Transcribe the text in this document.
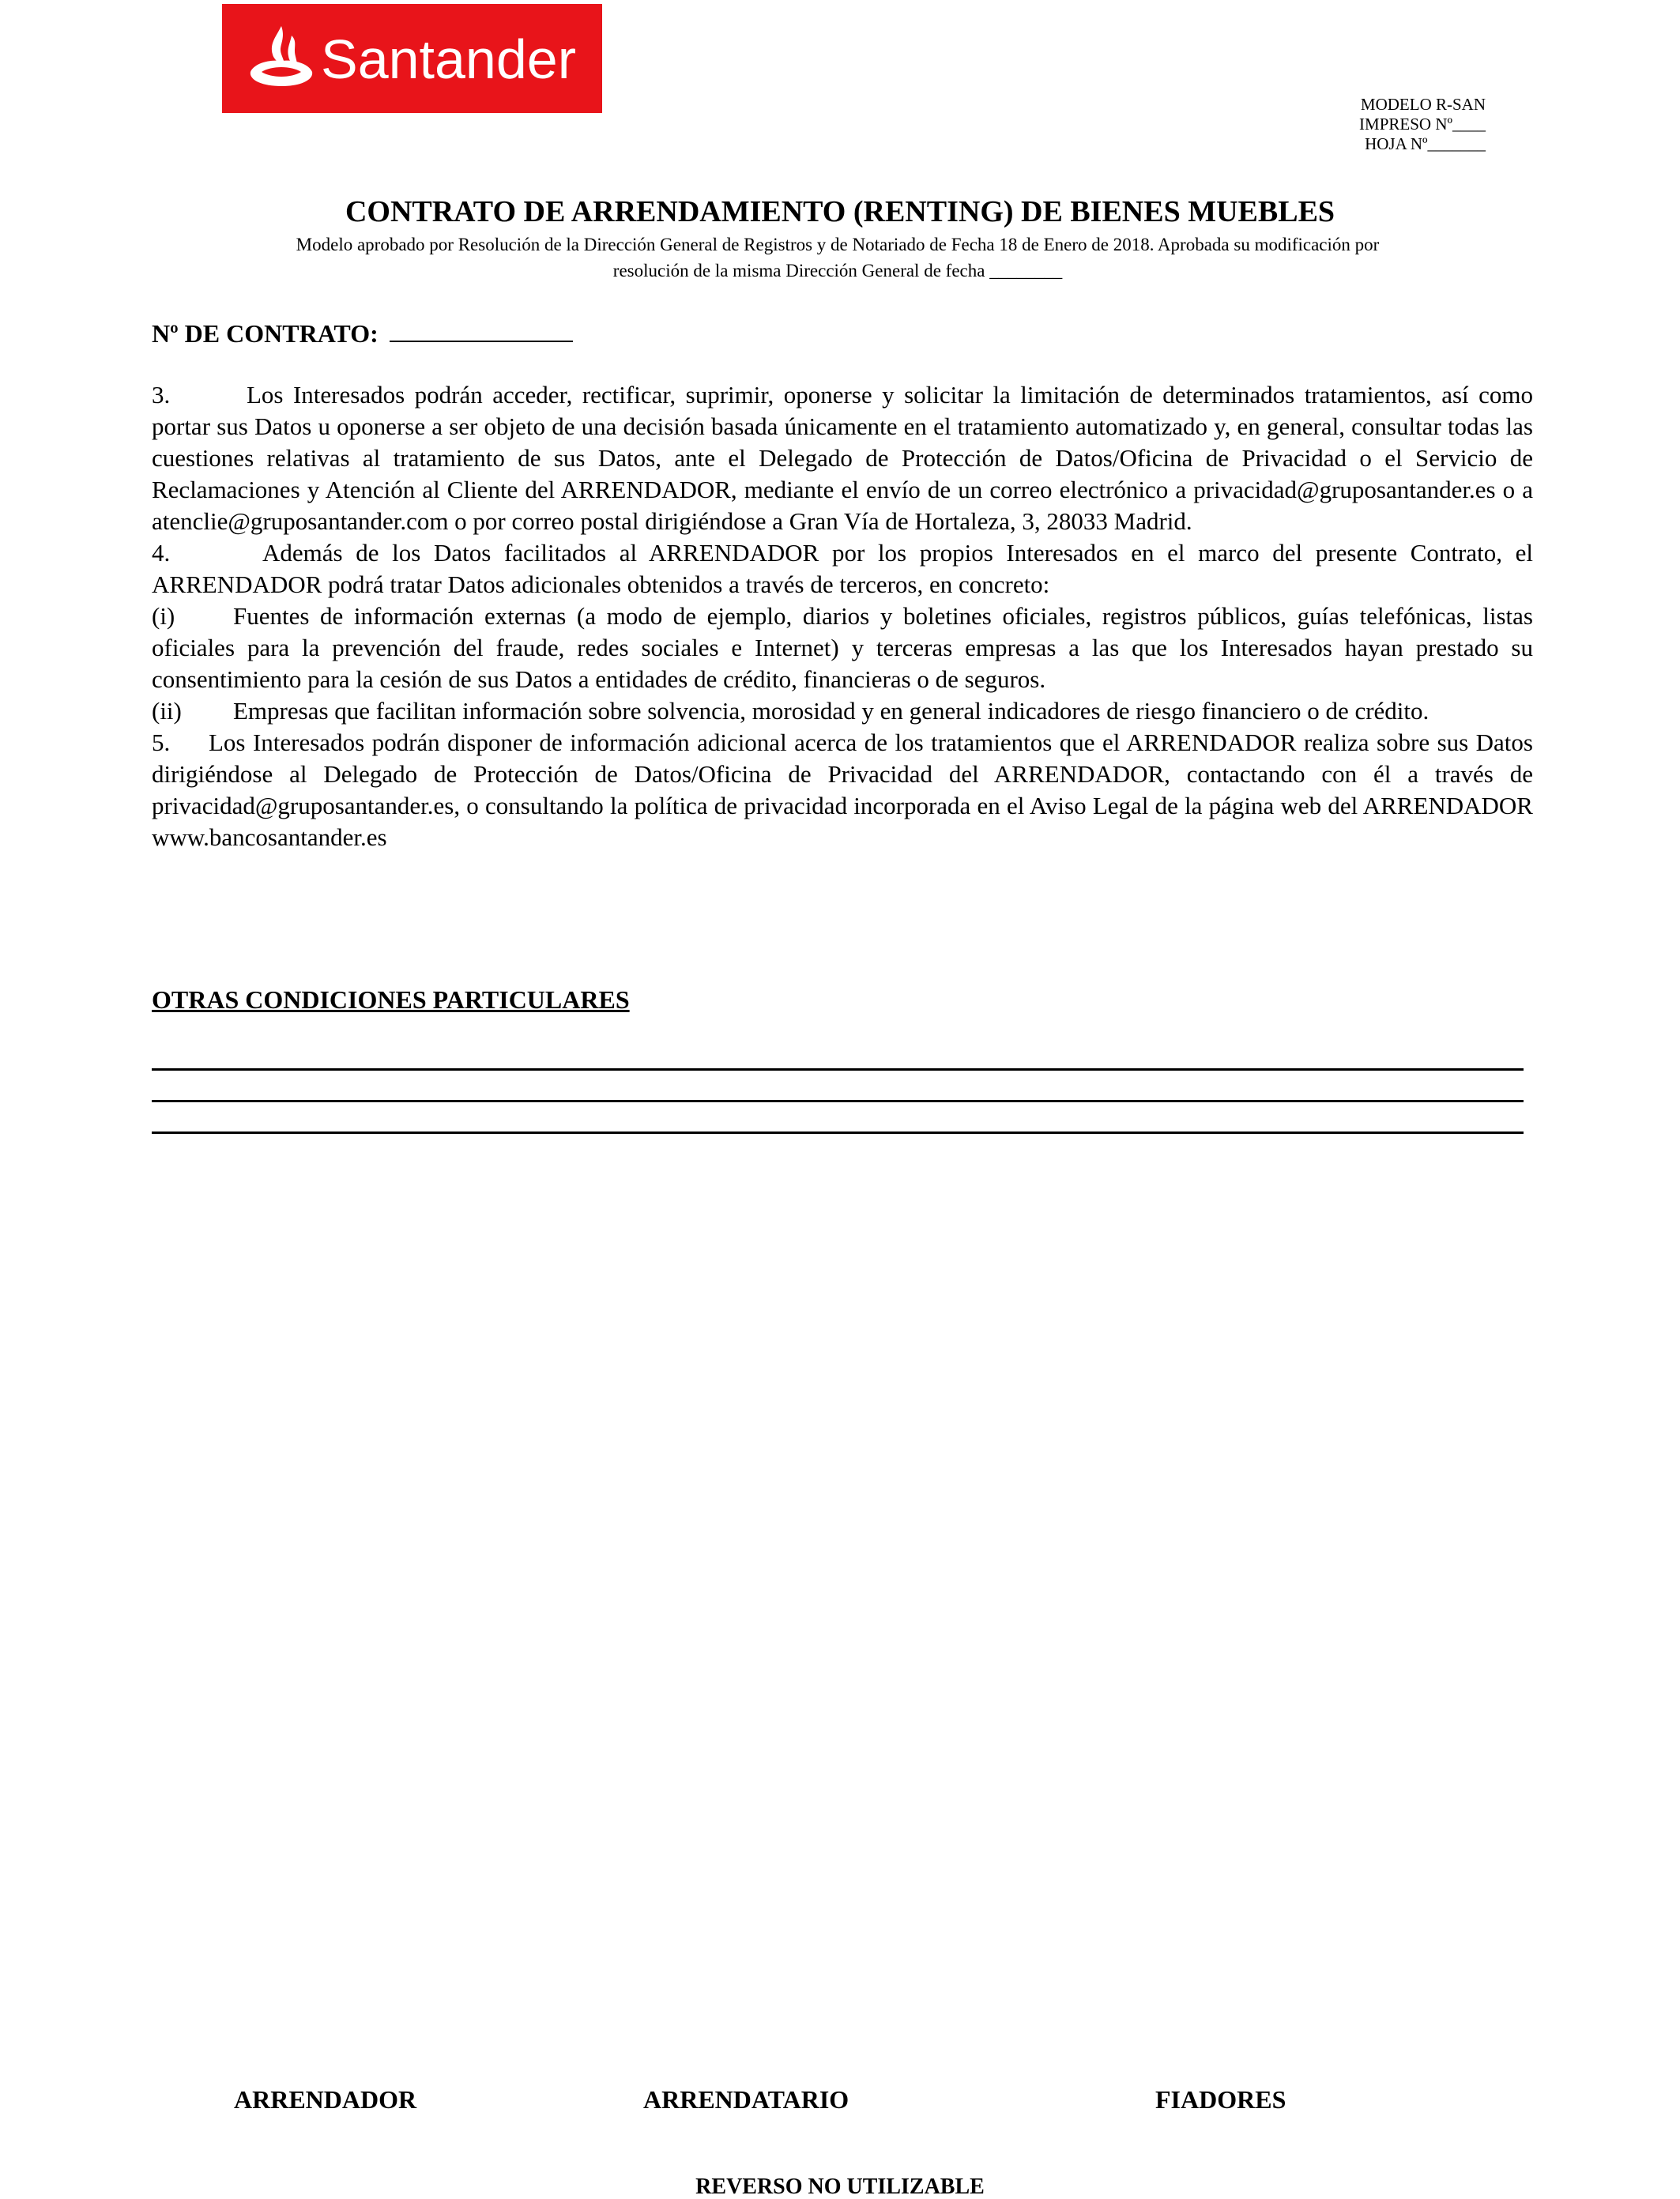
Santander
MODELO R-SAN
IMPRESO Nº____
HOJA Nº_______
CONTRATO DE ARRENDAMIENTO (RENTING) DE BIENES MUEBLES
Modelo aprobado por Resolución de la Dirección General de Registros y de Notariado de Fecha 18 de Enero de 2018. Aprobada su modificación por
resolución de la misma Dirección General de fecha ________
Nº DE CONTRATO:

3.	Los Interesados podrán acceder, rectificar, suprimir, oponerse y solicitar la limitación de determinados tratamientos, así como portar sus Datos u oponerse a ser objeto de una decisión basada únicamente en el tratamiento automatizado y, en general, consultar todas las cuestiones relativas al tratamiento de sus Datos, ante el Delegado de Protección de Datos/Oficina de Privacidad o el Servicio de Reclamaciones y Atención al Cliente del ARRENDADOR, mediante el envío de un correo electrónico a privacidad@gruposantander.es o a atenclie@gruposantander.com o por correo postal dirigiéndose a Gran Vía de Hortaleza, 3, 28033 Madrid.

4.	Además de los Datos facilitados al ARRENDADOR por los propios Interesados en el marco del presente Contrato, el ARRENDADOR podrá tratar Datos adicionales obtenidos a través de terceros, en concreto:

(i) Fuentes de información externas (a modo de ejemplo, diarios y boletines oficiales, registros públicos, guías telefónicas, listas oficiales para la prevención del fraude, redes sociales e Internet) y terceras empresas a las que los Interesados hayan prestado su consentimiento para la cesión de sus Datos a entidades de crédito, financieras o de seguros.

(ii) Empresas que facilitan información sobre solvencia, morosidad y en general indicadores de riesgo financiero o de crédito.

5. Los Interesados podrán disponer de información adicional acerca de los tratamientos que el ARRENDADOR realiza sobre sus Datos dirigiéndose al Delegado de Protección de Datos/Oficina de Privacidad del ARRENDADOR, contactando con él a través de privacidad@gruposantander.es, o consultando la política de privacidad incorporada en el Aviso Legal de la página web del ARRENDADOR www.bancosantander.es

OTRAS CONDICIONES PARTICULARES
ARRENDADOR	ARRENDATARIO	FIADORES
REVERSO NO UTILIZABLE
